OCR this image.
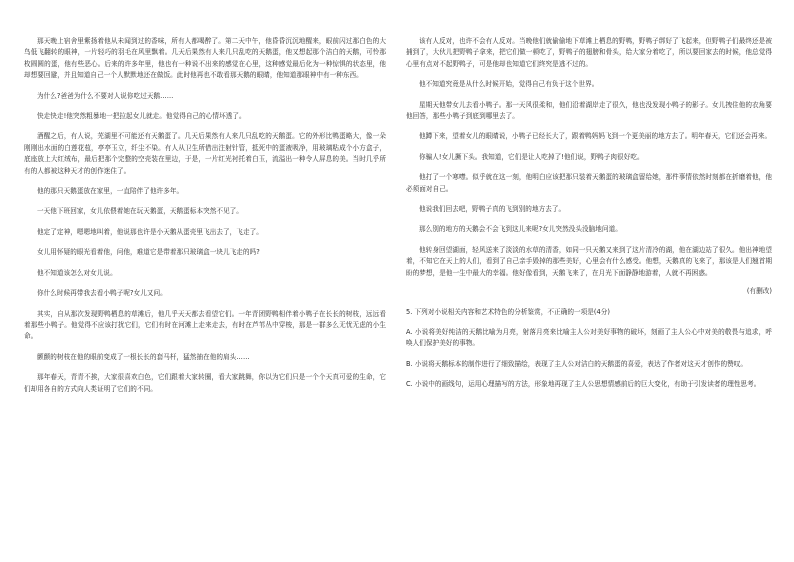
那天晚上宿舍里紫扬着他从未闻到过的香味，所有人都喝醉了。第二天中午，他昏昏沉沉地醒来，眼前闪过那白色的大鸟低飞翻转的眼神，一片轻巧的羽毛在风里飘着。几天后果然有人来几只乱吃的天鹅蛋，他又想起那个洁白的天鹅，可怜那枚圆圆的蛋，他有些恶心。后来的许多年里，他也有一种说不出来的感觉在心里，这种感觉最后化为一种惊惧的状态里，他却想要回避，并且知道自己一个人默默地还在做饭。此时他再也不敢看那天鹅的眼睛，他知道那眼神中有一种东西。

为什么?爸爸为什么不要对人说你吃过天鹅……

快走快走!他突然粗暴地一把拉起女儿就走。他觉得自己的心情坏透了。

酒醒之后，有人说，芜湖里不可能还有天鹅蛋了。几天后果然有人来几只乱吃的天鹅蛋。它的外形比鸭蛋略大，像一朵刚刚出水面的白莲花苞，亭亭玉立，纤尘不染。有人从卫生所借出注射针管，抵死中的蛋液吸净，用玻璃粘成个小方盒子，底座放上大红绒布，最后把那个完整的空壳装在里边，于是，一片红光衬托着白玉，流溢出一种令人屏息的美。当时几乎所有的人都被这种天才的创作迷住了。

他的那只天鹅蛋放在家里，一直陪伴了他许多年。

一天他下班回家，女儿依偎着她在玩天鹅蛋，天鹅蛋标本突然不见了。

他定了定神，嗯嗯地叫着，他说那也许是小天鹅从蛋壳里飞出去了，飞走了。

女儿用怀疑的眼光看着他，问他，难道它是带着那只玻璃盒一块儿飞走的吗?

他不知道该怎么对女儿说。

你什么时候再带我去看小鸭子呢?女儿又问。

其实，自从那次发现野鸭栖息的草滩后，他几乎天天都去看望它们。一年青团野鸭相伴着小鸭子在长长的树枝，远远看着那些小鸭子。他觉得不应该打扰它们，它们有时在河滩上走来走去，有时在芦苇丛中穿梭，那是一群多么无忧无虑的小生命。

颤颤的树枝在他的眼前变成了一根长长的套马杆，猛然抽在他的肩头……

那年春天，青青不挨，大家很喜欢白色，它们跟着大家转圈，看大家跳舞，你以为它们只是一个个天真可爱的生命，它们却用各自的方式向人类证明了它们的不同。

该有人反对，也许不会有人反对。当晚他们就偷偷地下草滩上栖息的野鸭，野鸭子绑好了飞起来，但野鸭子们最终还是被捕到了，大伙儿把野鸭子拿来，把它们做一顿吃了，野鸭子的翅膀和骨头，给大家分着吃了，所以要回家去的时候，他总觉得心里有点对不起野鸭子，可是他却也知道它们终究是逃不过的。

他不知道究竟是从什么时候开始，觉得自己有负于这个世界。

星期天他带女儿去看小鸭子。那一天风很柔和，他们沿着湖岸走了很久，他也没发现小鸭子的影子。女儿拽住他的衣角要他回答，那些小鸭子到底到哪里去了。

他蹲下来，望着女儿的眼睛说，小鸭子已经长大了，跟着鸭妈妈飞到一个更美丽的地方去了。明年春天，它们还会再来。

你骗人!女儿撅下头。我知道，它们是让人吃掉了!他们说，野鸭子肉很好吃。

他打了一个寒噤。似乎就在这一刻，他明白应该把那只装着天鹅蛋的玻璃盒留给她，那件事情依然时刻都在折磨着他，他必须面对自己。

他说我们回去吧，野鸭子真的飞到别的地方去了。

那么别的地方的天鹅会不会飞到这儿来呢?女儿突然没头没脑地问道。

他转身回望湖面，轻风送来了淡淡的水草的清香，如同一只天鹅又来到了这片清冷的湖，他在湖边站了很久。他出神地望着，不知它在天上的人们，看到了自己亲手毁掉的那些美好，心里会有什么感受。他想，天鹅真的飞来了，那该是人们翘首期盼的梦想，是他一生中最大的幸福。他好像看到，天鹅飞来了，在月光下面静静地游着，人就不再困惑。

(有删改)

5. 下列对小说相关内容和艺术特色的分析鉴赏，不正确的一项是(4分)

A. 小说将美好纯洁的天鹅比喻为月亮，射落月亮来比喻主人公对美好事物的破坏，刻画了主人公心中对美的敬畏与追求，呼唤人们保护美好的事物。

B. 小说将天鹅标本的制作进行了细致描绘，表现了主人公对洁白的天鹅蛋的喜爱，表达了作者对这天才创作的赞叹。

C. 小说中的画线句，运用心理描写的方法，形象地再现了主人公思想情感前后的巨大变化，有助于引发读者的理性思考。
